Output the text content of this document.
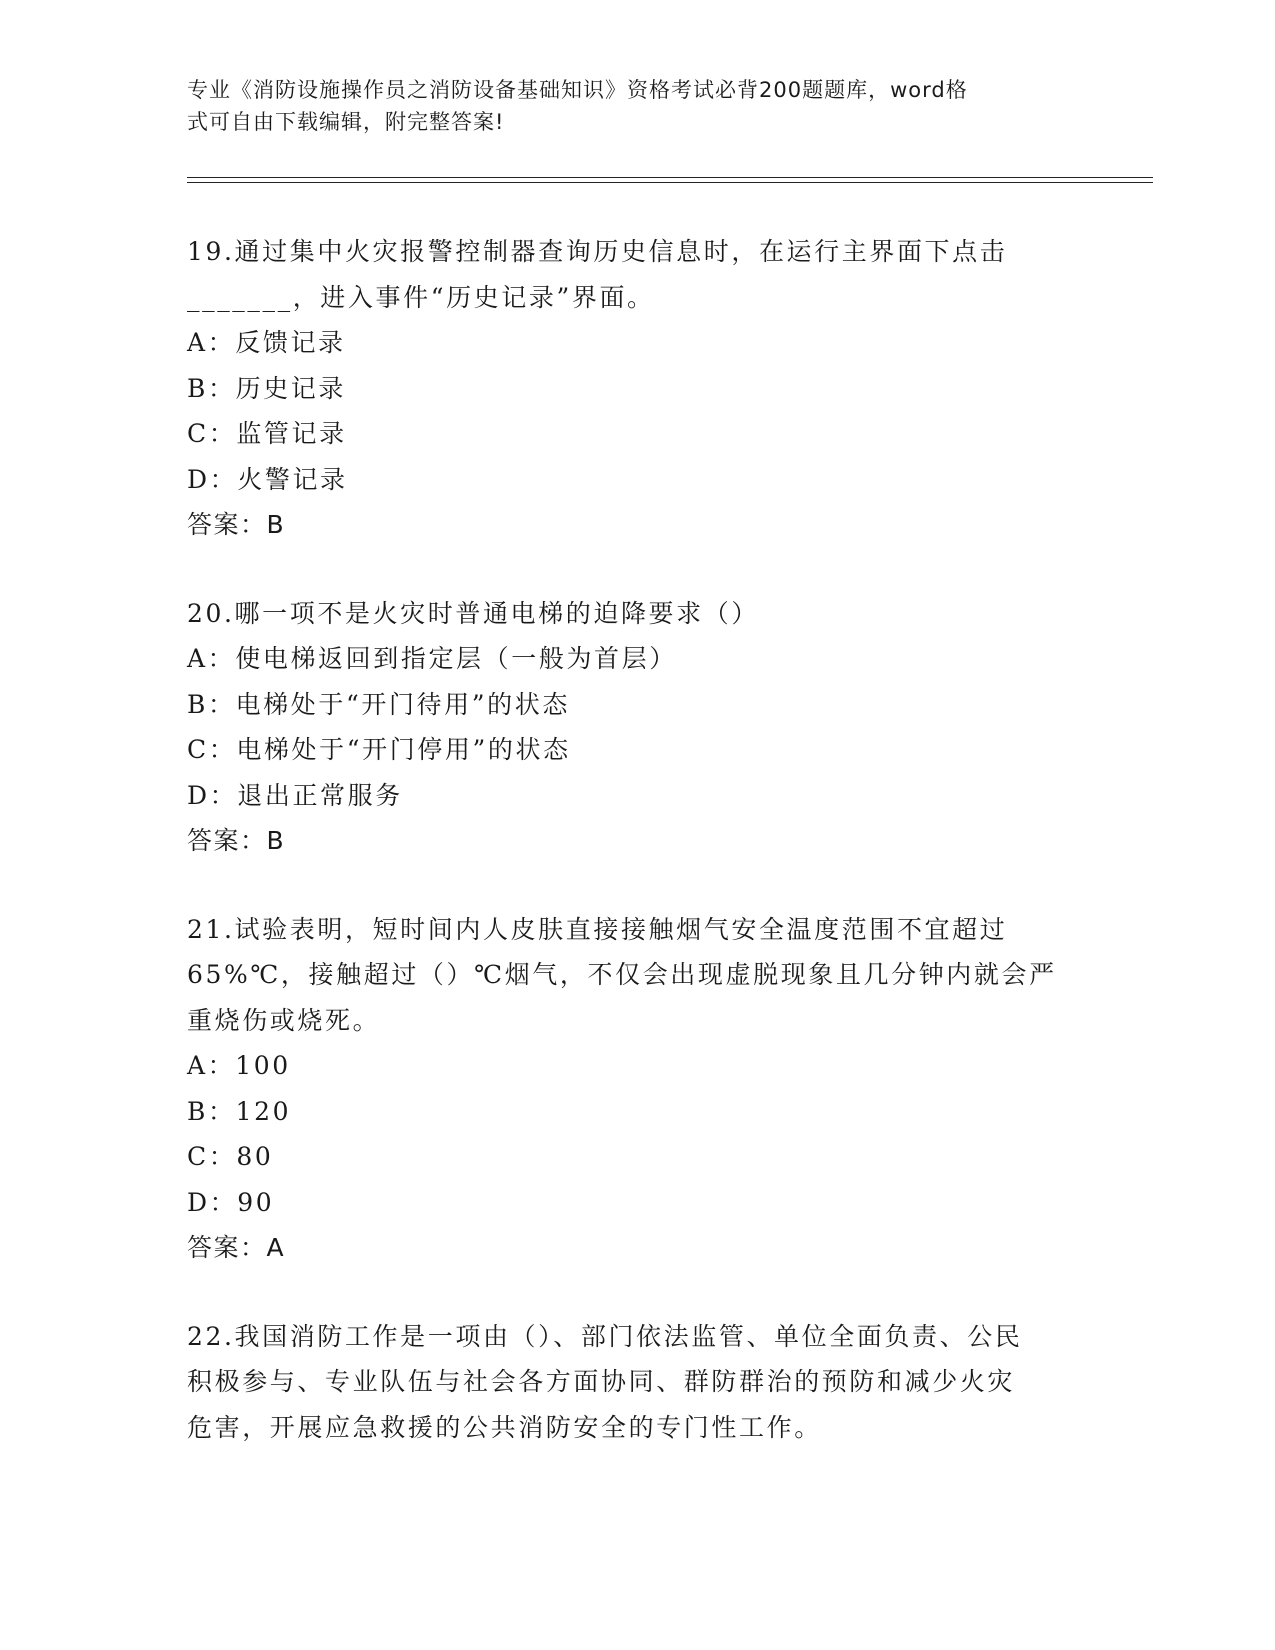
专业《消防设施操作员之消防设备基础知识》资格考试必背200题题库，word格
式可自由下载编辑，附完整答案!
19.通过集中火灾报警控制器查询历史信息时，在运行主界面下点击
_______，进入事件“历史记录”界面。
A：反馈记录
B：历史记录
C：监管记录
D：火警记录
答案：B
20.哪一项不是火灾时普通电梯的迫降要求（）
A：使电梯返回到指定层（一般为首层）
B：电梯处于“开门待用”的状态
C：电梯处于“开门停用”的状态
D：退出正常服务
答案：B
21.试验表明，短时间内人皮肤直接接触烟气安全温度范围不宜超过
65%℃，接触超过（）℃烟气，不仅会出现虚脱现象且几分钟内就会严
重烧伤或烧死。
A：100
B：120
C：80
D：90
答案：A
22.我国消防工作是一项由（）、部门依法监管、单位全面负责、公民
积极参与、专业队伍与社会各方面协同、群防群治的预防和减少火灾
危害，开展应急救援的公共消防安全的专门性工作。
